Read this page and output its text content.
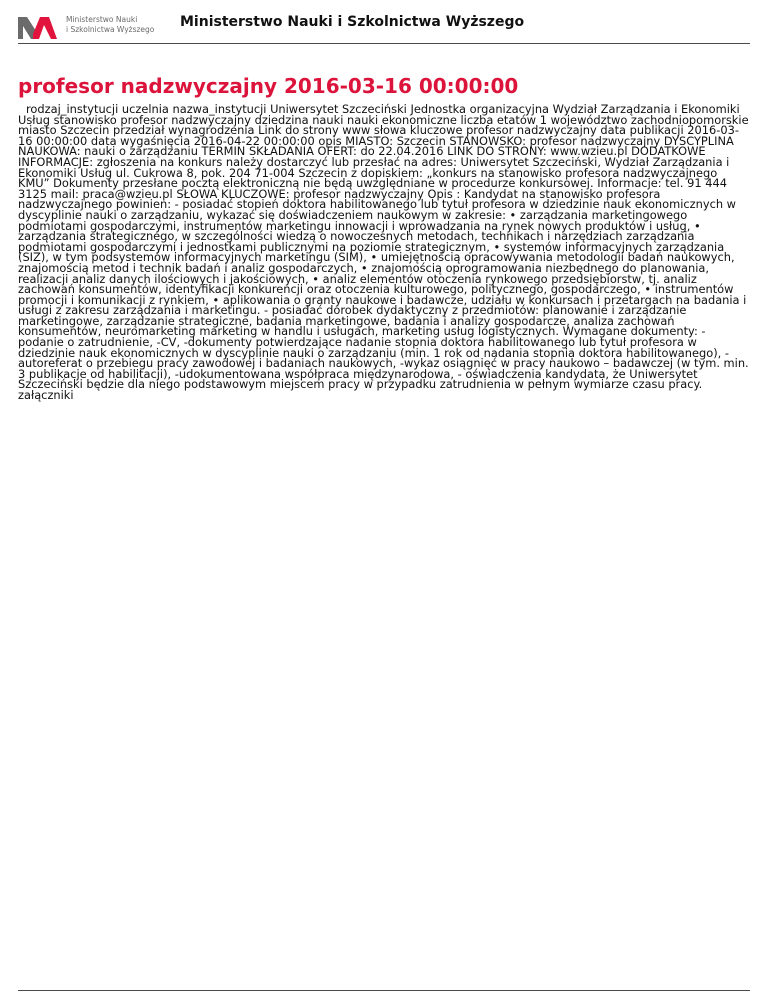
Ministerstwo Nauki
i Szkolnictwa Wyższego Ministerstwo Nauki i Szkolnictwa Wyższego
profesor nadzwyczajny 2016-03-16 00:00:00

rodzaj_instytucji uczelnia nazwa_instytucji Uniwersytet Szczeciński Jednostka organizacyjna Wydział Zarządzania i Ekonomiki Usług stanowisko profesor nadzwyczajny dziedzina nauki nauki ekonomiczne liczba etatów 1 województwo zachodniopomorskie miasto Szczecin przedział wynagrodzenia Link do strony www słowa kluczowe profesor nadzwyczajny data publikacji 2016-03-16 00:00:00 data wygaśnięcia 2016-04-22 00:00:00 opis MIASTO: Szczecin STANOWSKO: profesor nadzwyczajny DYSCYPLINA NAUKOWA: nauki o zarządzaniu TERMIN SKŁADANIA OFERT: do 22.04.2016 LINK DO STRONY: www.wzieu.pl DODATKOWE INFORMACJE: zgłoszenia na konkurs należy dostarczyć lub przesłać na adres: Uniwersytet Szczeciński, Wydział Zarządzania i Ekonomiki Usług ul. Cukrowa 8, pok. 204 71-004 Szczecin z dopiskiem: „konkurs na stanowisko profesora nadzwyczajnego KMU” Dokumenty przesłane pocztą elektroniczną nie będą uwzględniane w procedurze konkursowej. Informacje: tel. 91 444 3125 mail: praca@wzieu.pl SŁOWA KLUCZOWE: profesor nadzwyczajny Opis : Kandydat na stanowisko profesora nadzwyczajnego powinien: - posiadać stopień doktora habilitowanego lub tytuł profesora w dziedzinie nauk ekonomicznych w dyscyplinie nauki o zarządzaniu, wykazać się doświadczeniem naukowym w zakresie: • zarządzania marketingowego podmiotami gospodarczymi, instrumentów marketingu innowacji i wprowadzania na rynek nowych produktów i usług, • zarządzania strategicznego, w szczególności wiedzą o nowoczesnych metodach, technikach i narzędziach zarządzania podmiotami gospodarczymi i jednostkami publicznymi na poziomie strategicznym, • systemów informacyjnych zarządzania (SIZ), w tym podsystemów informacyjnych marketingu (SIM), • umiejętnością opracowywania metodologii badań naukowych, znajomością metod i technik badań i analiz gospodarczych, • znajomością oprogramowania niezbędnego do planowania, realizacji analiz danych ilościowych i jakościowych, • analiz elementów otoczenia rynkowego przedsiębiorstw, tj. analiz zachowań konsumentów, identyfikacji konkurencji oraz otoczenia kulturowego, politycznego, gospodarczego, • instrumentów promocji i komunikacji z rynkiem, • aplikowania o granty naukowe i badawcze, udziału w konkursach i przetargach na badania i usługi z zakresu zarządzania i marketingu. - posiadać dorobek dydaktyczny z przedmiotów: planowanie i zarządzanie marketingowe, zarządzanie strategiczne, badania marketingowe, badania i analizy gospodarcze, analiza zachowań konsumentów, neuromarketing marketing w handlu i usługach, marketing usług logistycznych. Wymagane dokumenty: -podanie o zatrudnienie, -CV, -dokumenty potwierdzające nadanie stopnia doktora habilitowanego lub tytuł profesora w dziedzinie nauk ekonomicznych w dyscyplinie nauki o zarządzaniu (min. 1 rok od nadania stopnia doktora habilitowanego), -autoreferat o przebiegu pracy zawodowej i badaniach naukowych, -wykaz osiągnięć w pracy naukowo – badawczej (w tym. min. 3 publikacje od habilitacji), -udokumentowana współpraca międzynarodowa, - oświadczenia kandydata, że Uniwersytet Szczeciński będzie dla niego podstawowym miejscem pracy w przypadku zatrudnienia w pełnym wymiarze czasu pracy. załączniki
